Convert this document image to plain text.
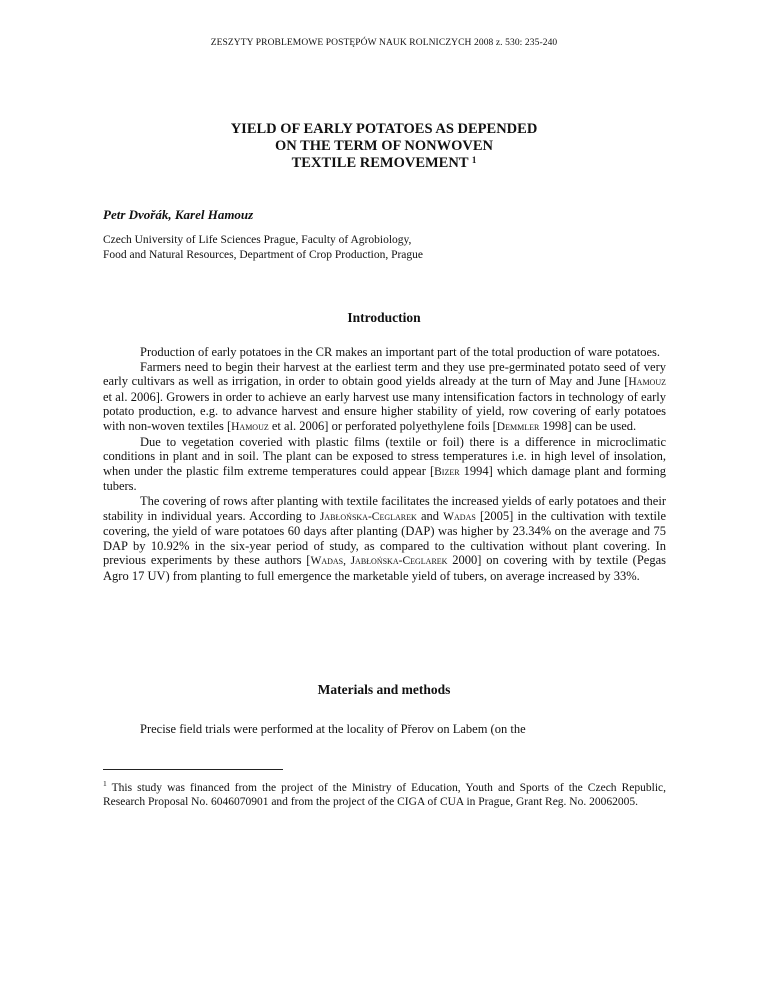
ZESZYTY PROBLEMOWE POSTĘPÓW NAUK ROLNICZYCH 2008 z. 530: 235-240
YIELD OF EARLY POTATOES AS DEPENDED
ON THE TERM OF NONWOVEN
TEXTILE REMOVEMENT $^1$
Petr Dvořák, Karel Hamouz
Czech University of Life Sciences Prague, Faculty of Agrobiology,
Food and Natural Resources, Department of Crop Production, Prague
Introduction

Production of early potatoes in the CR makes an important part of the total production of ware potatoes.

Farmers need to begin their harvest at the earliest term and they use pre-germinated potato seed of very early cultivars as well as irrigation, in order to obtain good yields already at the turn of May and June [Hamouz et al. 2006]. Growers in order to achieve an early harvest use many intensification factors in technology of early potato production, e.g. to advance harvest and ensure higher stability of yield, row covering of early potatoes with non-woven textiles [Hamouz et al. 2006] or perforated polyethylene foils [Demmler 1998] can be used.

Due to vegetation coveried with plastic films (textile or foil) there is a difference in microclimatic conditions in plant and in soil. The plant can be exposed to stress temperatures i.e. in high level of insolation, when under the plastic film extreme temperatures could appear [Bizer 1994] which damage plant and forming tubers.

The covering of rows after planting with textile facilitates the increased yields of early potatoes and their stability in individual years. According to Jabłońska-Ceglarek and Wadas [2005] in the cultivation with textile covering, the yield of ware potatoes 60 days after planting (DAP) was higher by 23.34% on the average and 75 DAP by 10.92% in the six-year period of study, as compared to the cultivation without plant covering. In previous experiments by these authors [Wadas, Jabłońska-Ceglarek 2000] on covering with by textile (Pegas Agro 17 UV) from planting to full emergence the marketable yield of tubers, on average increased by 33%.

Materials and methods

Precise field trials were performed at the locality of Přerov on Labem (on the

$^1$ This study was financed from the project of the Ministry of Education, Youth and Sports of the Czech Republic, Research Proposal No. 6046070901 and from the project of the CIGA of CUA in Prague, Grant Reg. No. 20062005.
